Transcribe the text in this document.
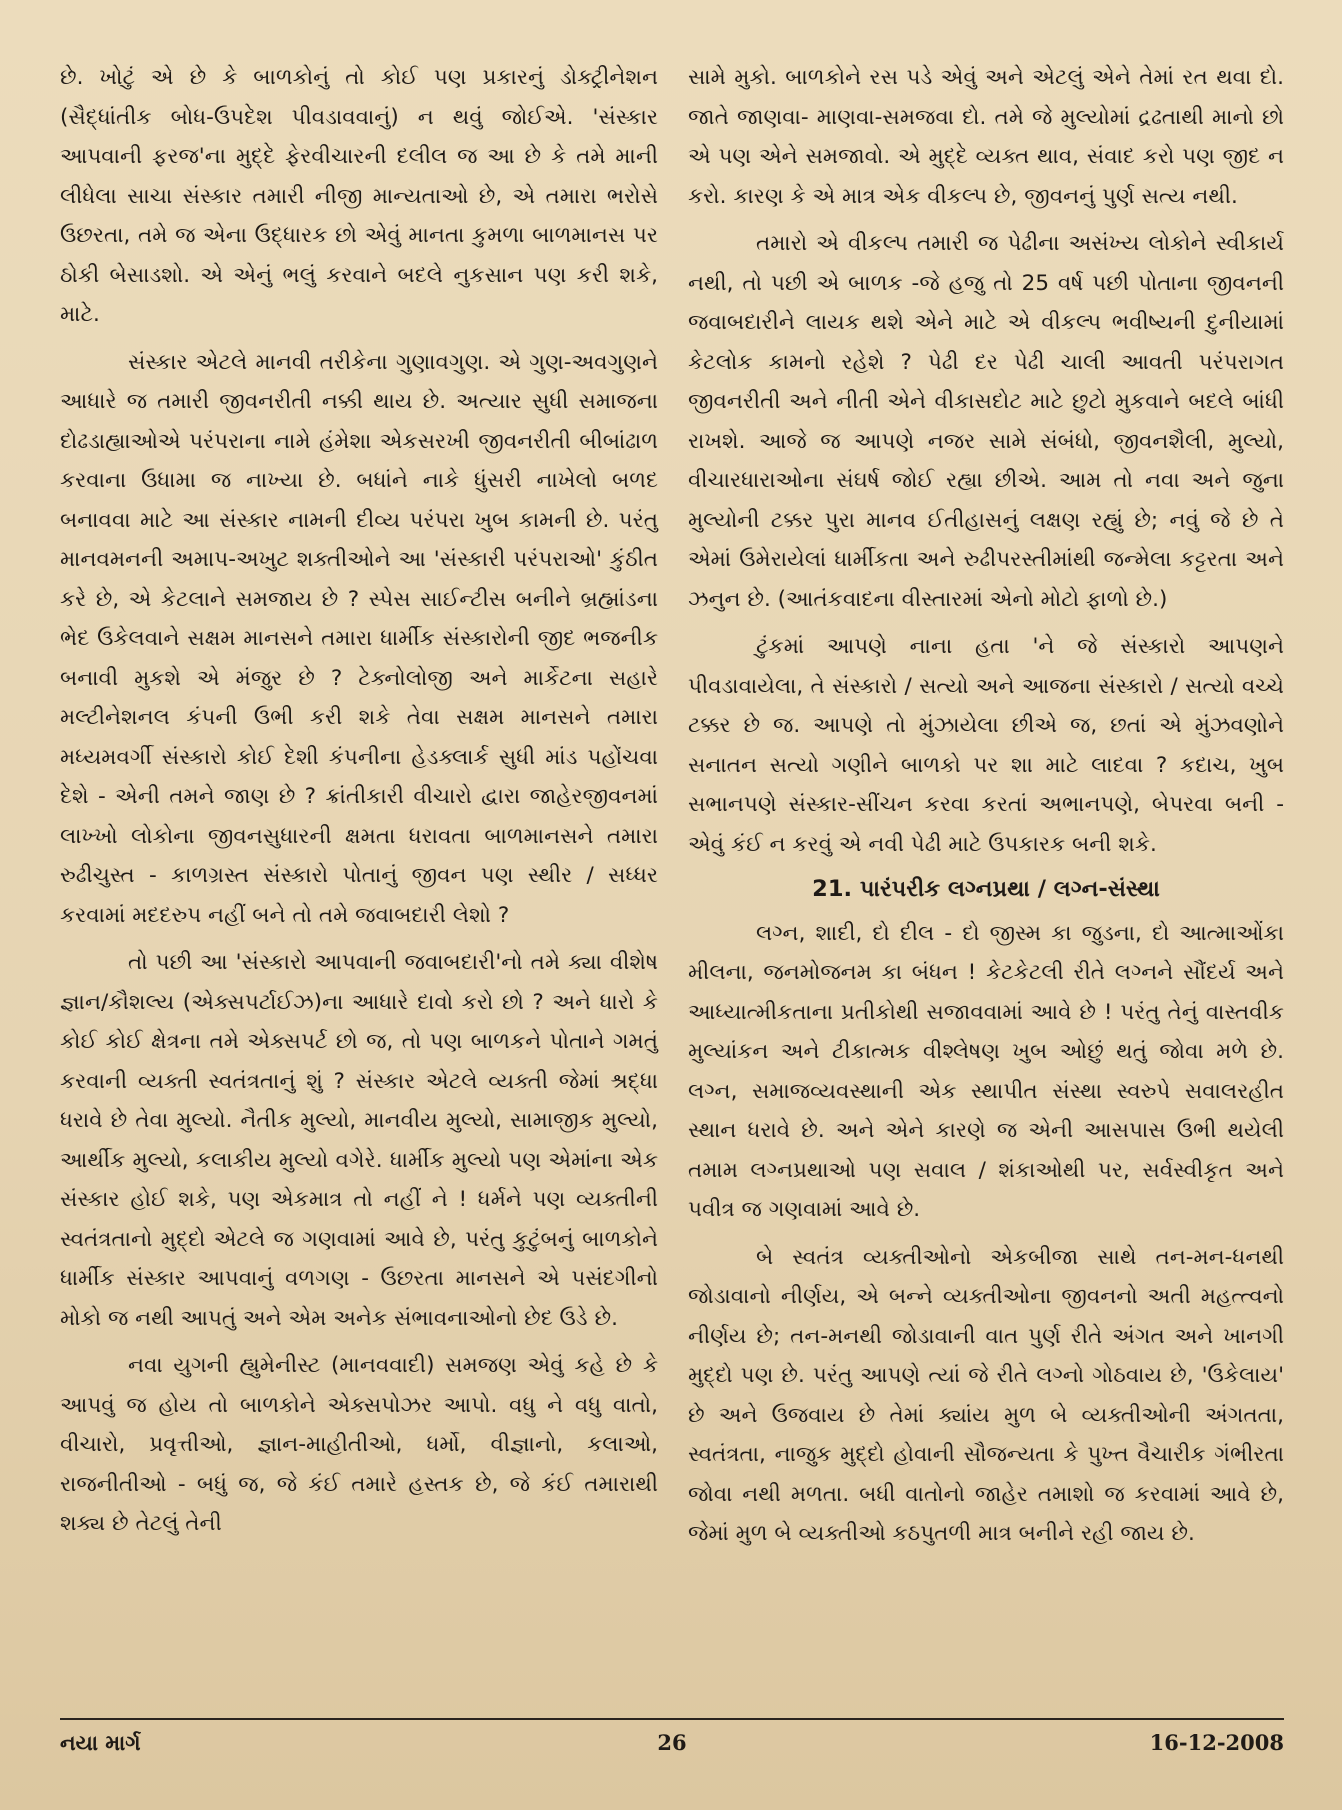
છે. ખોટું એ છે કે બાળકોનું તો કોઈ પણ પ્રકારનું ડોક્ટ્રીનેશન (સૈદ્ધાંતીક બોધ-ઉપદેશ પીવડાવવાનું) ન થવું જોઈએ. 'સંસ્કાર આપવાની ફરજ'ના મુદ્દે ફેરવીચારની દલીલ જ આ છે કે તમે માની લીધેલા સાચા સંસ્કાર તમારી નીજી માન્યતાઓ છે, એ તમારા ભરોસે ઉછરતા, તમે જ એના ઉદ્ધારક છો એવું માનતા કુમળા બાળમાનસ પર ઠોકી બેસાડશો. એ એનું ભલું કરવાને બદલે નુકસાન પણ કરી શકે, માટે.

સંસ્કાર એટલે માનવી તરીકેના ગુણાવગુણ. એ ગુણ-અવગુણને આધારે જ તમારી જીવનરીતી નક્કી થાય છે. અત્યાર સુધી સમાજના દોઢડાહ્યાઓએ પરંપરાના નામે હંમેશા એકસરખી જીવનરીતી બીબાંઢાળ કરવાના ઉધામા જ નાખ્યા છે. બધાંને નાકે ધુંસરી નાખેલો બળદ બનાવવા માટે આ સંસ્કાર નામની દીવ્ય પરંપરા ખુબ કામની છે. પરંતુ માનવમનની અમાપ-અખુટ શક્તીઓને આ 'સંસ્કારી પરંપરાઓ' કુંઠીત કરે છે, એ કેટલાને સમજાય છે ? સ્પેસ સાઈન્ટીસ બનીને બ્રહ્માંડના ભેદ ઉકેલવાને સક્ષમ માનસને તમારા ધાર્મીક સંસ્કારોની જીદ ભજનીક બનાવી મુકશે એ મંજુર છે ? ટેક્નોલોજી અને માર્કેટના સહારે મલ્ટીનેશનલ કંપની ઉભી કરી શકે તેવા સક્ષમ માનસને તમારા મધ્યમવર્ગી સંસ્કારો કોઈ દેશી કંપનીના હેડક્લાર્ક સુધી માંડ પહોંચવા દેશે - એની તમને જાણ છે ? ક્રાંતીકારી વીચારો દ્વારા જાહેરજીવનમાં લાખ્ખો લોકોના જીવનસુધારની ક્ષમતા ધરાવતા બાળમાનસને તમારા રુઢીચુસ્ત - કાળગ્રસ્ત સંસ્કારો પોતાનું જીવન પણ સ્થીર / સધ્ધર કરવામાં મદદરુપ નહીં બને તો તમે જવાબદારી લેશો ?

તો પછી આ 'સંસ્કારો આપવાની જવાબદારી'નો તમે ક્યા વીશેષ જ્ઞાન/કૌશલ્ય (એક્સપર્ટાઈઝ)ના આધારે દાવો કરો છો ? અને ધારો કે કોઈ કોઈ ક્ષેત્રના તમે એક્સપર્ટ છો જ, તો પણ બાળકને પોતાને ગમતું કરવાની વ્યક્તી સ્વતંત્રતાનું શું ? સંસ્કાર એટલે વ્યક્તી જેમાં શ્રદ્ધા ધરાવે છે તેવા મુલ્યો. નૈતીક મુલ્યો, માનવીય મુલ્યો, સામાજીક મુલ્યો, આર્થીક મુલ્યો, કલાકીય મુલ્યો વગેરે. ધાર્મીક મુલ્યો પણ એમાંના એક સંસ્કાર હોઈ શકે, પણ એકમાત્ર તો નહીં ને ! ધર્મને પણ વ્યક્તીની સ્વતંત્રતાનો મુદ્દો એટલે જ ગણવામાં આવે છે, પરંતુ કુટુંબનું બાળકોને ધાર્મીક સંસ્કાર આપવાનું વળગણ - ઉછરતા માનસને એ પસંદગીનો મોકો જ નથી આપતું અને એમ અનેક સંભાવનાઓનો છેદ ઉડે છે.

નવા યુગની હ્યુમેનીસ્ટ (માનવવાદી) સમજણ એવું કહે છે કે આપવું જ હોય તો બાળકોને એક્સપોઝર આપો. વધુ ને વધુ વાતો, વીચારો, પ્રવૃત્તીઓ, જ્ઞાન-માહીતીઓ, ધર્મો, વીજ્ઞાનો, કલાઓ, રાજનીતીઓ - બધું જ, જે કંઈ તમારે હસ્તક છે, જે કંઈ તમારાથી શક્ય છે તેટલું તેની

સામે મુકો. બાળકોને રસ પડે એવું અને એટલું એને તેમાં રત થવા દો. જાતે જાણવા- માણવા-સમજવા દો. તમે જે મુલ્યોમાં દ્રઢતાથી માનો છો એ પણ એને સમજાવો. એ મુદ્દે વ્યક્ત થાવ, સંવાદ કરો પણ જીદ ન કરો. કારણ કે એ માત્ર એક વીકલ્પ છે, જીવનનું પુર્ણ સત્ય નથી.

તમારો એ વીકલ્પ તમારી જ પેઢીના અસંખ્ય લોકોને સ્વીકાર્ય નથી, તો પછી એ બાળક -જે હજુ તો 25 વર્ષ પછી પોતાના જીવનની જવાબદારીને લાયક થશે એને માટે એ વીકલ્પ ભવીષ્યની દુનીયામાં કેટલોક કામનો રહેશે ? પેઢી દર પેઢી ચાલી આવતી પરંપરાગત જીવનરીતી અને નીતી એને વીકાસદોટ માટે છુટો મુકવાને બદલે બાંધી રાખશે. આજે જ આપણે નજર સામે સંબંધો, જીવનશૈલી, મુલ્યો, વીચારધારાઓના સંઘર્ષ જોઈ રહ્યા છીએ. આમ તો નવા અને જુના મુલ્યોની ટક્કર પુરા માનવ ઈતીહાસનું લક્ષણ રહ્યું છે; નવું જે છે તે એમાં ઉમેરાયેલાં ધાર્મીકતા અને રુઢીપરસ્તીમાંથી જન્મેલા કટ્ટરતા અને ઝનુન છે. (આતંકવાદના વીસ્તારમાં એનો મોટો ફાળો છે.)

ટુંકમાં આપણે નાના હતા 'ને જે સંસ્કારો આપણને પીવડાવાયેલા, તે સંસ્કારો / સત્યો અને આજના સંસ્કારો / સત્યો વચ્ચે ટક્કર છે જ. આપણે તો મુંઝાયેલા છીએ જ, છતાં એ મુંઝવણોને સનાતન સત્યો ગણીને બાળકો પર શા માટે લાદવા ? કદાચ, ખુબ સભાનપણે સંસ્કાર-સીંચન કરવા કરતાં અભાનપણે, બેપરવા બની - એવું કંઈ ન કરવું એ નવી પેઢી માટે ઉપકારક બની શકે.

21. પારંપરીક લગ્નપ્રથા / લગ્ન-સંસ્થા

લગ્ન, શાદી, દો દીલ - દો જીસ્મ કા જુડના, દો આત્માઓંકા મીલના, જનમોજનમ કા બંધન ! કેટકેટલી રીતે લગ્નને સૌંદર્ય અને આધ્યાત્મીકતાના પ્રતીકોથી સજાવવામાં આવે છે ! પરંતુ તેનું વાસ્તવીક મુલ્યાંકન અને ટીકાત્મક વીશ્લેષણ ખુબ ઓછું થતું જોવા મળે છે. લગ્ન, સમાજવ્યવસ્થાની એક સ્થાપીત સંસ્થા સ્વરુપે સવાલરહીત સ્થાન ધરાવે છે. અને એને કારણે જ એની આસપાસ ઉભી થયેલી તમામ લગ્નપ્રથાઓ પણ સવાલ / શંકાઓથી પર, સર્વસ્વીકૃત અને પવીત્ર જ ગણવામાં આવે છે.

બે સ્વતંત્ર વ્યક્તીઓનો એકબીજા સાથે તન-મન-ધનથી જોડાવાનો નીર્ણય, એ બન્ને વ્યક્તીઓના જીવનનો અતી મહત્ત્વનો નીર્ણય છે; તન-મનથી જોડાવાની વાત પુર્ણ રીતે અંગત અને ખાનગી મુદ્દો પણ છે. પરંતુ આપણે ત્યાં જે રીતે લગ્નો ગોઠવાય છે, 'ઉકેલાય' છે અને ઉજવાય છે તેમાં ક્યાંય મુળ બે વ્યક્તીઓની અંગતતા, સ્વતંત્રતા, નાજુક મુદ્દો હોવાની સૌજન્યતા કે પુખ્ત વૈચારીક ગંભીરતા જોવા નથી મળતા. બધી વાતોનો જાહેર તમાશો જ કરવામાં આવે છે, જેમાં મુળ બે વ્યક્તીઓ કઠપુતળી માત્ર બનીને રહી જાય છે.

નયા માર્ગ	26	16-12-2008
